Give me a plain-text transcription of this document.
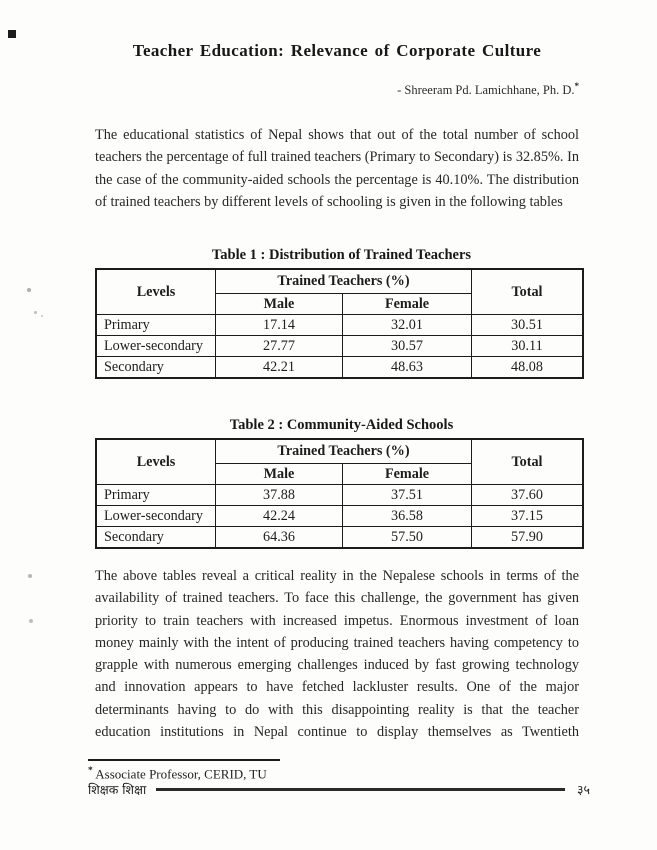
Teacher Education: Relevance of Corporate Culture
- Shreeram Pd. Lamichhane, Ph. D.*

The educational statistics of Nepal shows that out of the total number of school teachers the percentage of full trained teachers (Primary to Secondary) is 32.85%. In the case of the community-aided schools the percentage is 40.10%. The distribution of trained teachers by different levels of schooling is given in the following tables

Table 1 : Distribution of Trained Teachers
Levels	Trained Teachers (%)		Total
	Male	Female	
Primary	17.14	32.01	30.51
Lower-secondary	27.77	30.57	30.11
Secondary	42.21	48.63	48.08
Table 2 : Community-Aided Schools
Levels	Trained Teachers (%)		Total
	Male	Female	
Primary	37.88	37.51	37.60
Lower-secondary	42.24	36.58	37.15
Secondary	64.36	57.50	57.90

The above tables reveal a critical reality in the Nepalese schools in terms of the availability of trained teachers. To face this challenge, the government has given priority to train teachers with increased impetus. Enormous investment of loan money mainly with the intent of producing trained teachers having competency to grapple with numerous emerging challenges induced by fast growing technology and innovation appears to have fetched lackluster results. One of the major determinants having to do with this disappointing reality is that the teacher education institutions in Nepal continue to display themselves as Twentieth

* Associate Professor, CERID, TU
शिक्षक शिक्षा	३५
